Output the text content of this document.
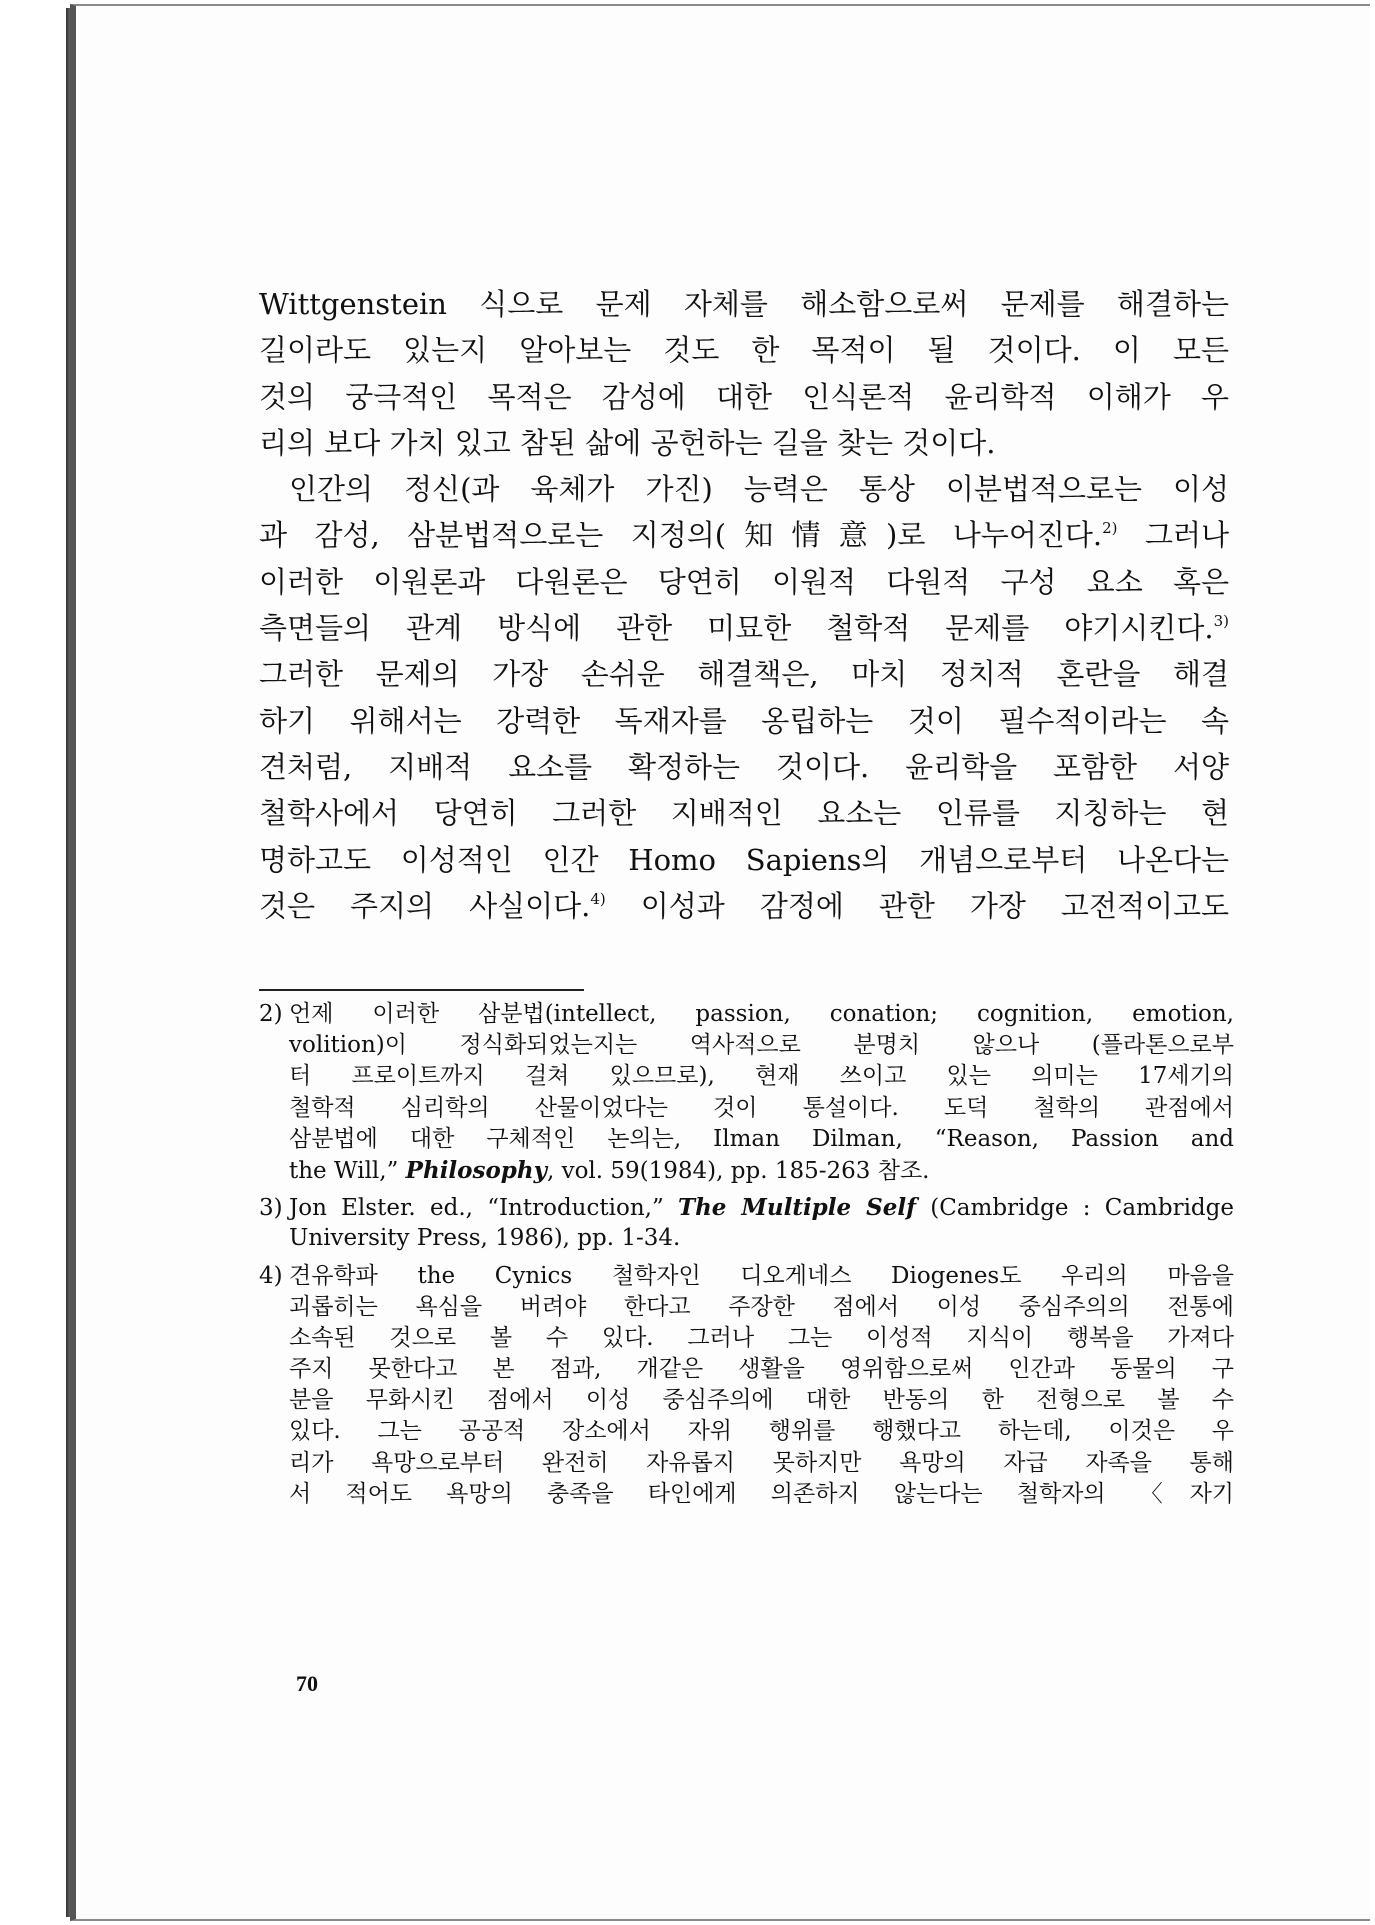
Wittgenstein 식으로 문제 자체를 해소함으로써 문제를 해결하는
길이라도 있는지 알아보는 것도 한 목적이 될 것이다. 이 모든
것의 궁극적인 목적은 감성에 대한 인식론적 윤리학적 이해가 우
리의 보다 가치 있고 참된 삶에 공헌하는 길을 찾는 것이다.
인간의 정신(과 육체가 가진) 능력은 통상 이분법적으로는 이성
과 감성, 삼분법적으로는 지정의(知情意)로 나누어진다.$^{2)}$ 그러나
이러한 이원론과 다원론은 당연히 이원적 다원적 구성 요소 혹은
측면들의 관계 방식에 관한 미묘한 철학적 문제를 야기시킨다.$^{3)}$
그러한 문제의 가장 손쉬운 해결책은, 마치 정치적 혼란을 해결
하기 위해서는 강력한 독재자를 옹립하는 것이 필수적이라는 속
견처럼, 지배적 요소를 확정하는 것이다. 윤리학을 포함한 서양
철학사에서 당연히 그러한 지배적인 요소는 인류를 지칭하는 현
명하고도 이성적인 인간 Homo Sapiens의 개념으로부터 나온다는
것은 주지의 사실이다.$^{4)}$ 이성과 감정에 관한 가장 고전적이고도
2) 언제 이러한 삼분법(intellect, passion, conation; cognition, emotion,
volition)이 정식화되었는지는 역사적으로 분명치 않으나 (플라톤으로부
터 프로이트까지 걸쳐 있으므로), 현재 쓰이고 있는 의미는 17세기의
철학적 심리학의 산물이었다는 것이 통설이다. 도덕 철학의 관점에서
삼분법에 대한 구체적인 논의는, Ilman Dilman, “Reason, Passion and
the Will,” Philosophy, vol. 59(1984), pp. 185-263 참조.
3) Jon Elster. ed., “Introduction,” The Multiple Self (Cambridge : Cambridge
University Press, 1986), pp. 1-34.
4) 견유학파 the Cynics 철학자인 디오게네스 Diogenes도 우리의 마음을
괴롭히는 욕심을 버려야 한다고 주장한 점에서 이성 중심주의의 전통에
소속된 것으로 볼 수 있다. 그러나 그는 이성적 지식이 행복을 가져다
주지 못한다고 본 점과, 개같은 생활을 영위함으로써 인간과 동물의 구
분을 무화시킨 점에서 이성 중심주의에 대한 반동의 한 전형으로 볼 수
있다. 그는 공공적 장소에서 자위 행위를 행했다고 하는데, 이것은 우
리가 욕망으로부터 완전히 자유롭지 못하지만 욕망의 자급 자족을 통해
서 적어도 욕망의 충족을 타인에게 의존하지 않는다는 철학자의 〈자기
70
